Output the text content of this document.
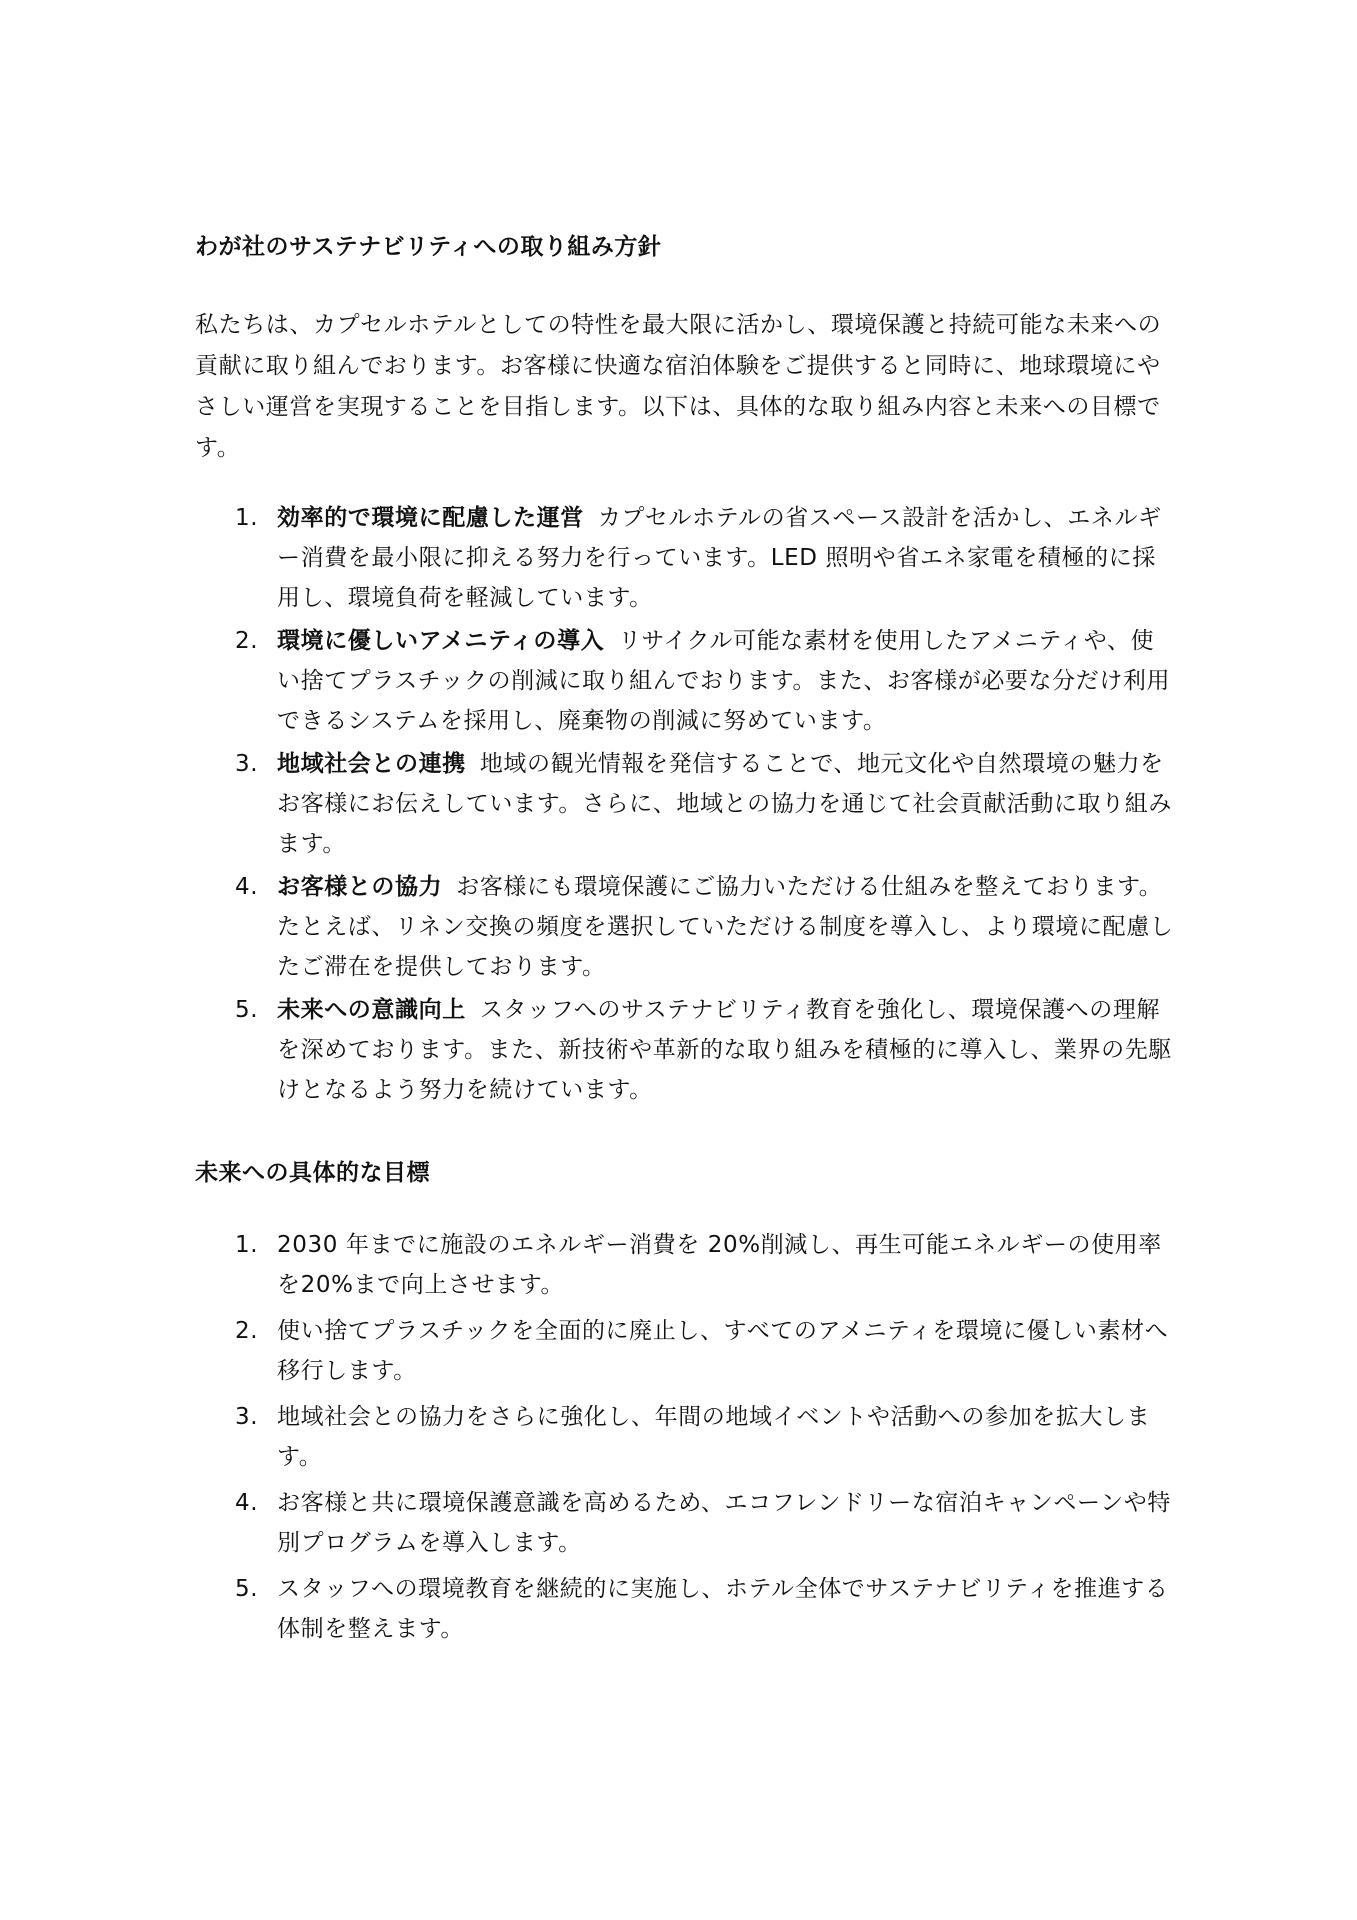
わが社のサステナビリティへの取り組み方針

私たちは、カプセルホテルとしての特性を最大限に活かし、環境保護と持続可能な未来への貢献に取り組んでおります。お客様に快適な宿泊体験をご提供すると同時に、地球環境にやさしい運営を実現することを目指します。以下は、具体的な取り組み内容と未来への目標です。

1. 効率的で環境に配慮した運営 カプセルホテルの省スペース設計を活かし、エネルギー消費を最小限に抑える努力を行っています。LED 照明や省エネ家電を積極的に採用し、環境負荷を軽減しています。
2. 環境に優しいアメニティの導入 リサイクル可能な素材を使用したアメニティや、使い捨てプラスチックの削減に取り組んでおります。また、お客様が必要な分だけ利用できるシステムを採用し、廃棄物の削減に努めています。
3. 地域社会との連携 地域の観光情報を発信することで、地元文化や自然環境の魅力をお客様にお伝えしています。さらに、地域との協力を通じて社会貢献活動に取り組みます。
4. お客様との協力 お客様にも環境保護にご協力いただける仕組みを整えております。たとえば、リネン交換の頻度を選択していただける制度を導入し、より環境に配慮したご滞在を提供しております。
5. 未来への意識向上 スタッフへのサステナビリティ教育を強化し、環境保護への理解を深めております。また、新技術や革新的な取り組みを積極的に導入し、業界の先駆けとなるよう努力を続けています。
未来への具体的な目標
1. 2030 年までに施設のエネルギー消費を 20%削減し、再生可能エネルギーの使用率を20%まで向上させます。
2. 使い捨てプラスチックを全面的に廃止し、すべてのアメニティを環境に優しい素材へ移行します。
3. 地域社会との協力をさらに強化し、年間の地域イベントや活動への参加を拡大します。
4. お客様と共に環境保護意識を高めるため、エコフレンドリーな宿泊キャンペーンや特別プログラムを導入します。
5. スタッフへの環境教育を継続的に実施し、ホテル全体でサステナビリティを推進する体制を整えます。
